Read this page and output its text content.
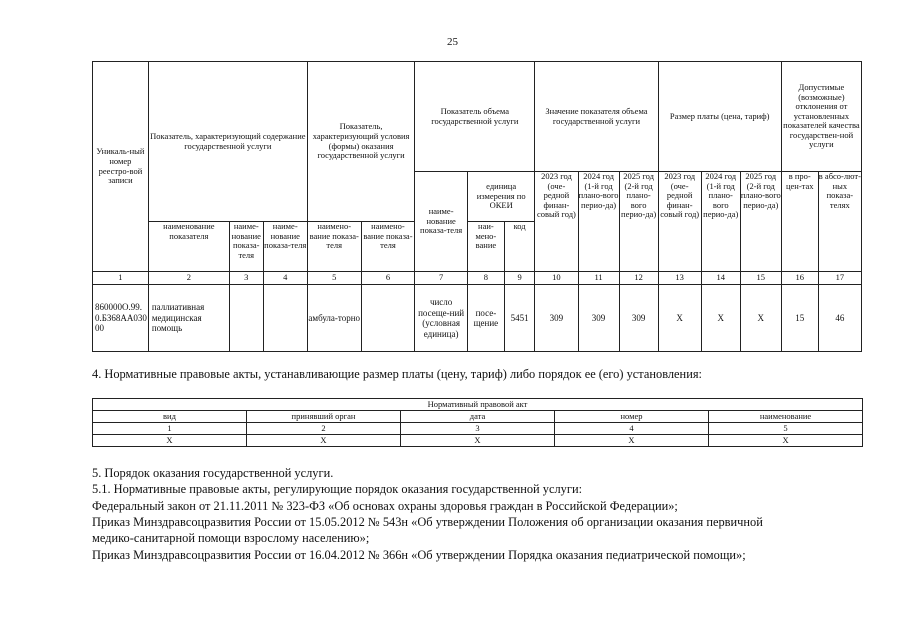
25
Уникаль-ный номер реестро-вой записи	Показатель, характеризующий содержание государственной услуги			Показатель, характеризующий условия (формы) оказания государственной услуги		Показатель объема государственной услуги			Значение показателя объема государственной услуги			Размер платы (цена, тариф)			Допустимые (возможные) отклонения от установленных показателей качества государствен-ной услуги	
						наиме-нование показа-теля	единица измерения по ОКЕИ		2023 год (оче-редной финан-совый год)	2024 год (1-й год плано-вого перио-да)	2025 год (2-й год плано-вого перио-да)	2023 год (оче-редной финан-совый год)	2024 год (1-й год плано-вого перио-да)	2025 год (2-й год плано-вого перио-да)	в про-цен-тах	в абсо-лют-ных показа-телях
	наименование показателя	наиме-нование показа-теля	наиме-нование показа-теля	наимено-вание показа-теля	наимено-вание показа-теля		наи-мено-вание	код								
1	2	3	4	5	6	7	8	9	10	11	12	13	14	15	16	17
860000О.99.0.БЗ68АА03000	паллиативная медицинская помощь			амбула-торно		число посеще-ний (условная единица)	посе-щение	5451	309	309	309	Х	Х	Х	15	46
4. Нормативные правовые акты, устанавливающие размер платы (цену, тариф) либо порядок ее (его) установления:
Нормативный правовой акт				
вид	принявший орган	дата	номер	наименование
1	2	3	4	5
Х	Х	Х	Х	Х
5. Порядок оказания государственной услуги.
5.1. Нормативные правовые акты, регулирующие порядок оказания государственной услуги:
Федеральный закон от 21.11.2011 № 323-ФЗ «Об основах охраны здоровья граждан в Российской Федерации»;
Приказ Минздравсоцразвития России от 15.05.2012 № 543н «Об утверждении Положения об организации оказания первичной
медико-санитарной помощи взрослому населению»;
Приказ Минздравсоцразвития России от 16.04.2012 № 366н «Об утверждении Порядка оказания педиатрической помощи»;
